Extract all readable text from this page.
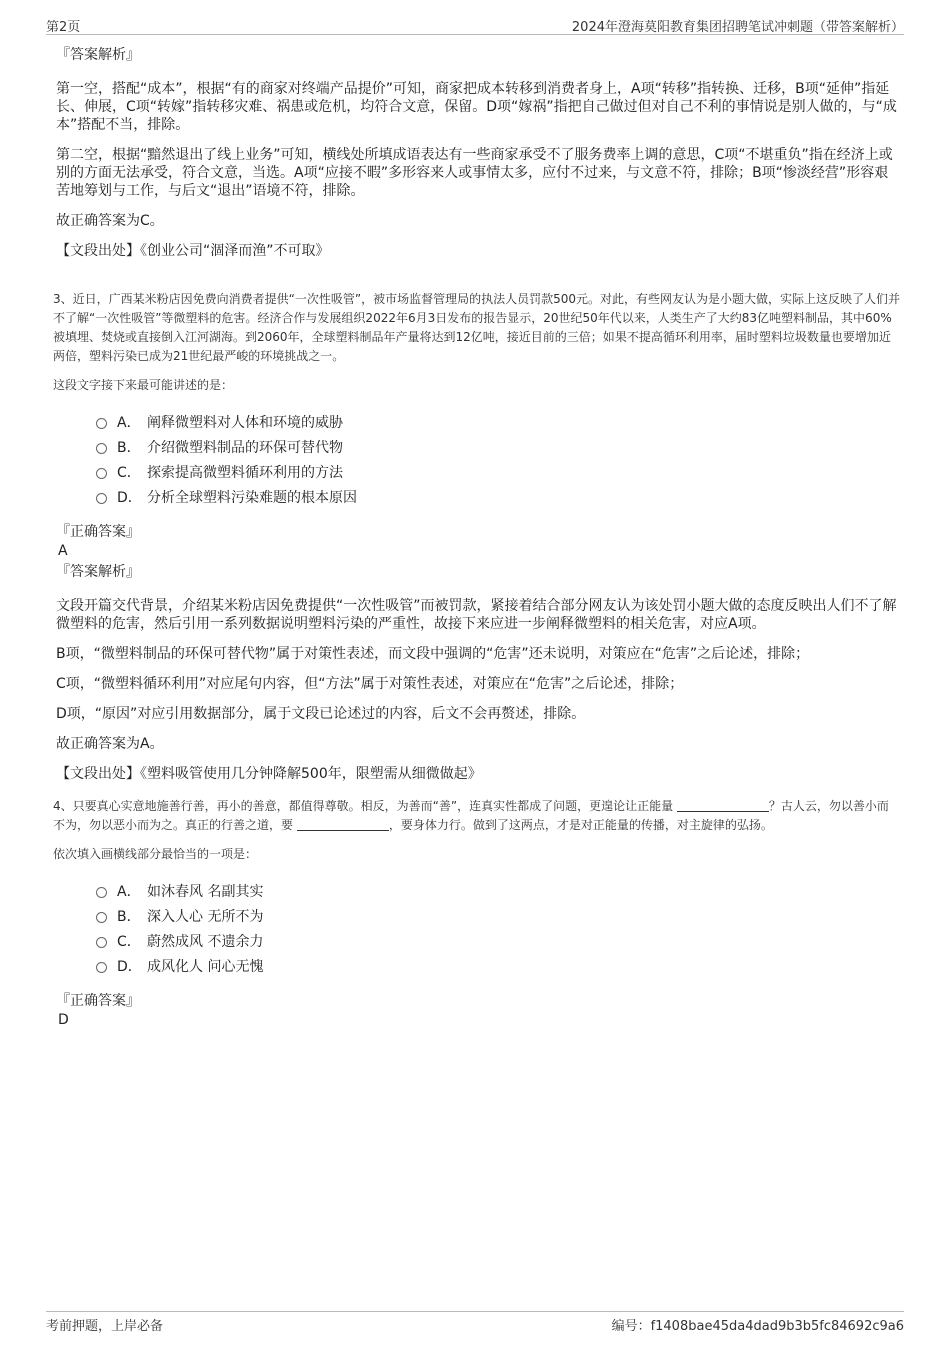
第2页	2024年澄海莫阳教育集团招聘笔试冲刺题（带答案解析）
『答案解析』

第一空，搭配“成本”，根据“有的商家对终端产品提价”可知，商家把成本转移到消费者身上，A项“转移”指转换、迁移，B项“延伸”指延长、伸展，C项“转嫁”指转移灾难、祸患或危机，均符合文意，保留。D项“嫁祸”指把自己做过但对自己不利的事情说是别人做的，与“成本”搭配不当，排除。

第二空，根据“黯然退出了线上业务”可知，横线处所填成语表达有一些商家承受不了服务费率上调的意思，C项“不堪重负”指在经济上或别的方面无法承受，符合文意，当选。A项“应接不暇”多形容来人或事情太多，应付不过来，与文意不符，排除；B项“惨淡经营”形容艰苦地筹划与工作，与后文“退出”语境不符，排除。

故正确答案为C。

【文段出处】《创业公司“涸泽而渔”不可取》

3、近日，广西某米粉店因免费向消费者提供“一次性吸管”，被市场监督管理局的执法人员罚款500元。对此，有些网友认为是小题大做，实际上这反映了人们并不了解“一次性吸管”等微塑料的危害。经济合作与发展组织2022年6月3日发布的报告显示，20世纪50年代以来，人类生产了大约83亿吨塑料制品，其中60%被填埋、焚烧或直接倒入江河湖海。到2060年，全球塑料制品年产量将达到12亿吨，接近目前的三倍；如果不提高循环利用率，届时塑料垃圾数量也要增加近两倍，塑料污染已成为21世纪最严峻的环境挑战之一。

这段文字接下来最可能讲述的是：

A． 阐释微塑料对人体和环境的威胁
B． 介绍微塑料制品的环保可替代物
C． 探索提高微塑料循环利用的方法
D． 分析全球塑料污染难题的根本原因
『正确答案』
A
『答案解析』

文段开篇交代背景，介绍某米粉店因免费提供“一次性吸管”而被罚款，紧接着结合部分网友认为该处罚小题大做的态度反映出人们不了解微塑料的危害，然后引用一系列数据说明塑料污染的严重性，故接下来应进一步阐释微塑料的相关危害，对应A项。

B项，“微塑料制品的环保可替代物”属于对策性表述，而文段中强调的“危害”还未说明，对策应在“危害”之后论述，排除；

C项，“微塑料循环利用”对应尾句内容，但“方法”属于对策性表述，对策应在“危害”之后论述，排除；

D项，“原因”对应引用数据部分，属于文段已论述过的内容，后文不会再赘述，排除。

故正确答案为A。

【文段出处】《塑料吸管使用几分钟降解500年，限塑需从细微做起》

4、只要真心实意地施善行善，再小的善意，都值得尊敬。相反，为善而“善”，连真实性都成了问题，更遑论让正能量	？古人云，勿以善小而不为，勿以恶小而为之。真正的行善之道，要	，要身体力行。做到了这两点，才是对正能量的传播，对主旋律的弘扬。

依次填入画横线部分最恰当的一项是：

A． 如沐春风 名副其实
B． 深入人心 无所不为
C． 蔚然成风 不遗余力
D． 成风化人 问心无愧
『正确答案』
D
考前押题，上岸必备	编号：f1408bae45da4dad9b3b5fc84692c9a6
